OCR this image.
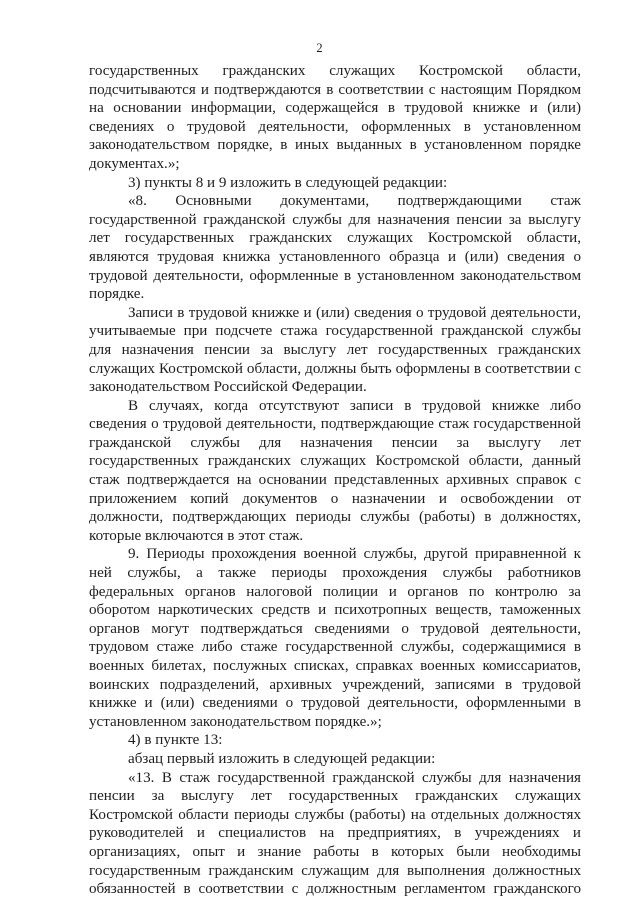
2

государственных гражданских служащих Костромской области,
подсчитываются и подтверждаются в соответствии с настоящим Порядком
на основании информации, содержащейся в трудовой книжке и (или)
сведениях о трудовой деятельности, оформленных в установленном
законодательством порядке, в иных выданных в установленном порядке
документах.»;

3) пункты 8 и 9 изложить в следующей редакции:

«8. Основными документами, подтверждающими стаж
государственной гражданской службы для назначения пенсии за выслугу
лет государственных гражданских служащих Костромской области,
являются трудовая книжка установленного образца и (или) сведения о
трудовой деятельности, оформленные в установленном законодательством
порядке.

Записи в трудовой книжке и (или) сведения о трудовой деятельности,
учитываемые при подсчете стажа государственной гражданской службы
для назначения пенсии за выслугу лет государственных гражданских
служащих Костромской области, должны быть оформлены в соответствии с
законодательством Российской Федерации.

В случаях, когда отсутствуют записи в трудовой книжке либо
сведения о трудовой деятельности, подтверждающие стаж государственной
гражданской службы для назначения пенсии за выслугу лет
государственных гражданских служащих Костромской области, данный
стаж подтверждается на основании представленных архивных справок с
приложением копий документов о назначении и освобождении от
должности, подтверждающих периоды службы (работы) в должностях,
которые включаются в этот стаж.

9. Периоды прохождения военной службы, другой приравненной к
ней службы, а также периоды прохождения службы работников
федеральных органов налоговой полиции и органов по контролю за
оборотом наркотических средств и психотропных веществ, таможенных
органов могут подтверждаться сведениями о трудовой деятельности,
трудовом стаже либо стаже государственной службы, содержащимися в
военных билетах, послужных списках, справках военных комиссариатов,
воинских подразделений, архивных учреждений, записями в трудовой
книжке и (или) сведениями о трудовой деятельности, оформленными в
установленном законодательством порядке.»;

4) в пункте 13:

абзац первый изложить в следующей редакции:

«13. В стаж государственной гражданской службы для назначения
пенсии за выслугу лет государственных гражданских служащих
Костромской области периоды службы (работы) на отдельных должностях
руководителей и специалистов на предприятиях, в учреждениях и
организациях, опыт и знание работы в которых были необходимы
государственным гражданским служащим для выполнения должностных
обязанностей в соответствии с должностным регламентом гражданского
